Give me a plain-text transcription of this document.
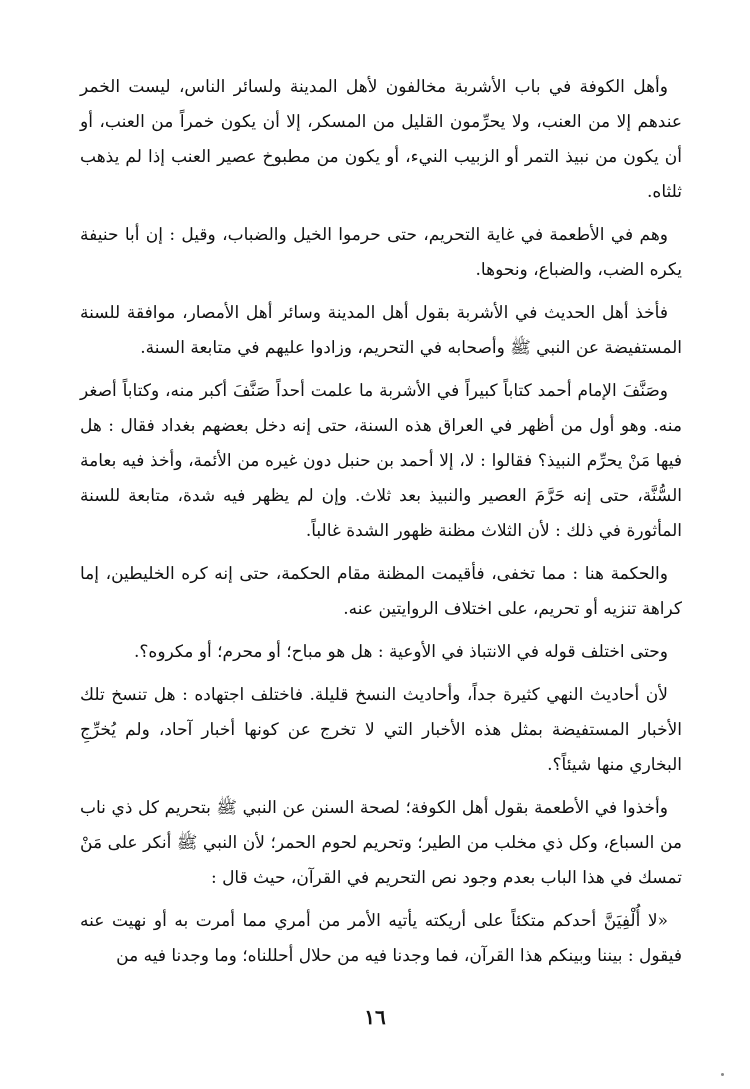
وأهل الكوفة في باب الأشربة مخالفون لأهل المدينة ولسائر الناس، ليست الخمر عندهم إلا من العنب، ولا يحرِّمون القليل من المسكر، إلا أن يكون خمراً من العنب، أو أن يكون من نبيذ التمر أو الزبيب النيء، أو يكون من مطبوخ عصير العنب إذا لم يذهب ثلثاه.

وهم في الأطعمة في غاية التحريم، حتى حرموا الخيل والضباب، وقيل : إن أبا حنيفة يكره الضب، والضباع، ونحوها.

فأخذ أهل الحديث في الأشربة بقول أهل المدينة وسائر أهل الأمصار، موافقة للسنة المستفيضة عن النبي ﷺ وأصحابه في التحريم، وزادوا عليهم في متابعة السنة.

وصَنَّفَ الإمام أحمد كتاباً كبيراً في الأشربة ما علمت أحداً صَنَّفَ أكبر منه، وكتاباً أصغر منه. وهو أول من أظهر في العراق هذه السنة، حتى إنه دخل بعضهم بغداد فقال : هل فيها مَنْ يحرِّم النبيذ؟ فقالوا : لا، إلا أحمد بن حنبل دون غيره من الأئمة، وأخذ فيه بعامة السُّنَّة، حتى إنه حَرَّمَ العصير والنبيذ بعد ثلاث. وإن لم يظهر فيه شدة، متابعة للسنة المأثورة في ذلك : لأن الثلاث مظنة ظهور الشدة غالباً.

والحكمة هنا : مما تخفى، فأقيمت المظنة مقام الحكمة، حتى إنه كره الخليطين، إما كراهة تنزيه أو تحريم، على اختلاف الروايتين عنه.

وحتى اختلف قوله في الانتباذ في الأوعية : هل هو مباح؛ أو محرم؛ أو مكروه؟.

لأن أحاديث النهي كثيرة جداً، وأحاديث النسخ قليلة. فاختلف اجتهاده : هل تنسخ تلك الأخبار المستفيضة بمثل هذه الأخبار التي لا تخرج عن كونها أخبار آحاد، ولم يُخرِّجِ البخاري منها شيئاً؟.

وأخذوا في الأطعمة بقول أهل الكوفة؛ لصحة السنن عن النبي ﷺ بتحريم كل ذي ناب من السباع، وكل ذي مخلب من الطير؛ وتحريم لحوم الحمر؛ لأن النبي ﷺ أنكر على مَنْ تمسك في هذا الباب بعدم وجود نص التحريم في القرآن، حيث قال :

«لا أُلْفِيَنَّ أحدكم متكئاً على أريكته يأتيه الأمر من أمري مما أمرت به أو نهيت عنه فيقول : بيننا وبينكم هذا القرآن، فما وجدنا فيه من حلال أحللناه؛ وما وجدنا فيه من

١٦
